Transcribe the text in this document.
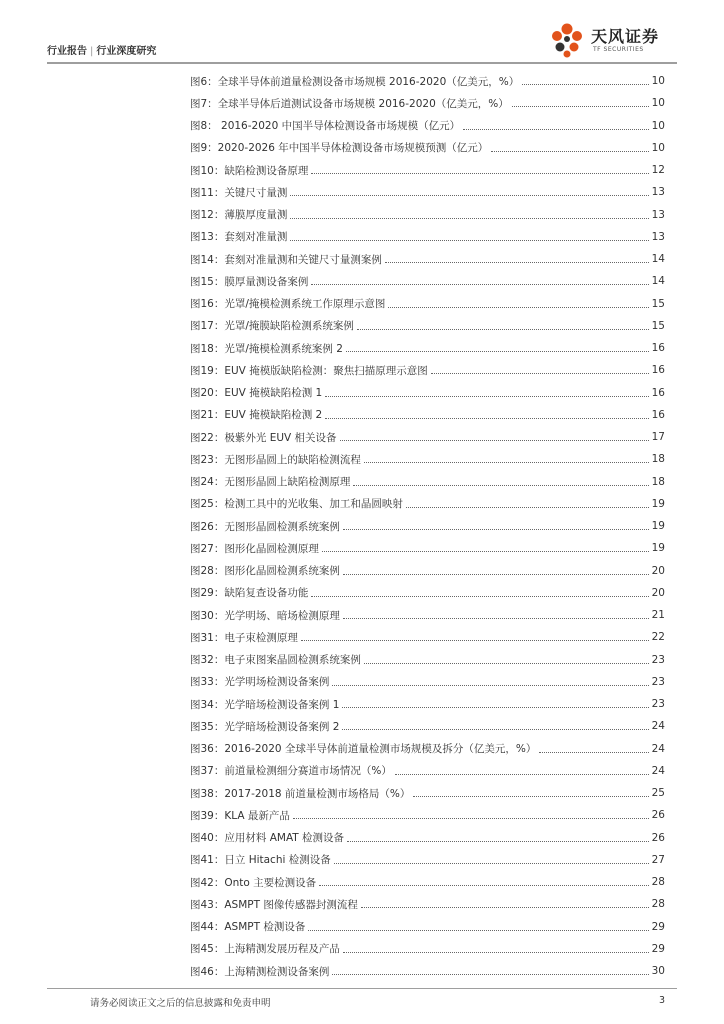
行业报告 | 行业深度研究
天风证券
TF SECURITIES
图6：全球半导体前道量检测设备市场规模 2016-2020（亿美元，%）	10
图7：全球半导体后道测试设备市场规模 2016-2020（亿美元，%）	10
图8： 2016-2020 中国半导体检测设备市场规模（亿元）	10
图9：2020-2026 年中国半导体检测设备市场规模预测（亿元）	10
图10：缺陷检测设备原理	12
图11：关键尺寸量测	13
图12：薄膜厚度量测	13
图13：套刻对准量测	13
图14：套刻对准量测和关键尺寸量测案例	14
图15：膜厚量测设备案例	14
图16：光罩/掩模检测系统工作原理示意图	15
图17：光罩/掩膜缺陷检测系统案例	15
图18：光罩/掩模检测系统案例 2	16
图19：EUV 掩模版缺陷检测：聚焦扫描原理示意图	16
图20：EUV 掩模缺陷检测 1	16
图21：EUV 掩模缺陷检测 2	16
图22：极紫外光 EUV 相关设备	17
图23：无图形晶圆上的缺陷检测流程	18
图24：无图形晶圆上缺陷检测原理	18
图25：检测工具中的光收集、加工和晶圆映射	19
图26：无图形晶圆检测系统案例	19
图27：图形化晶圆检测原理	19
图28：图形化晶圆检测系统案例	20
图29：缺陷复查设备功能	20
图30：光学明场、暗场检测原理	21
图31：电子束检测原理	22
图32：电子束图案晶圆检测系统案例	23
图33：光学明场检测设备案例	23
图34：光学暗场检测设备案例 1	23
图35：光学暗场检测设备案例 2	24
图36：2016-2020 全球半导体前道量检测市场规模及拆分（亿美元，%）	24
图37：前道量检测细分赛道市场情况（%）	24
图38：2017-2018 前道量检测市场格局（%）	25
图39：KLA 最新产品	26
图40：应用材料 AMAT 检测设备	26
图41：日立 Hitachi 检测设备	27
图42：Onto 主要检测设备	28
图43：ASMPT 图像传感器封测流程	28
图44：ASMPT 检测设备	29
图45：上海精测发展历程及产品	29
图46：上海精测检测设备案例	30
请务必阅读正文之后的信息披露和免责申明	3
